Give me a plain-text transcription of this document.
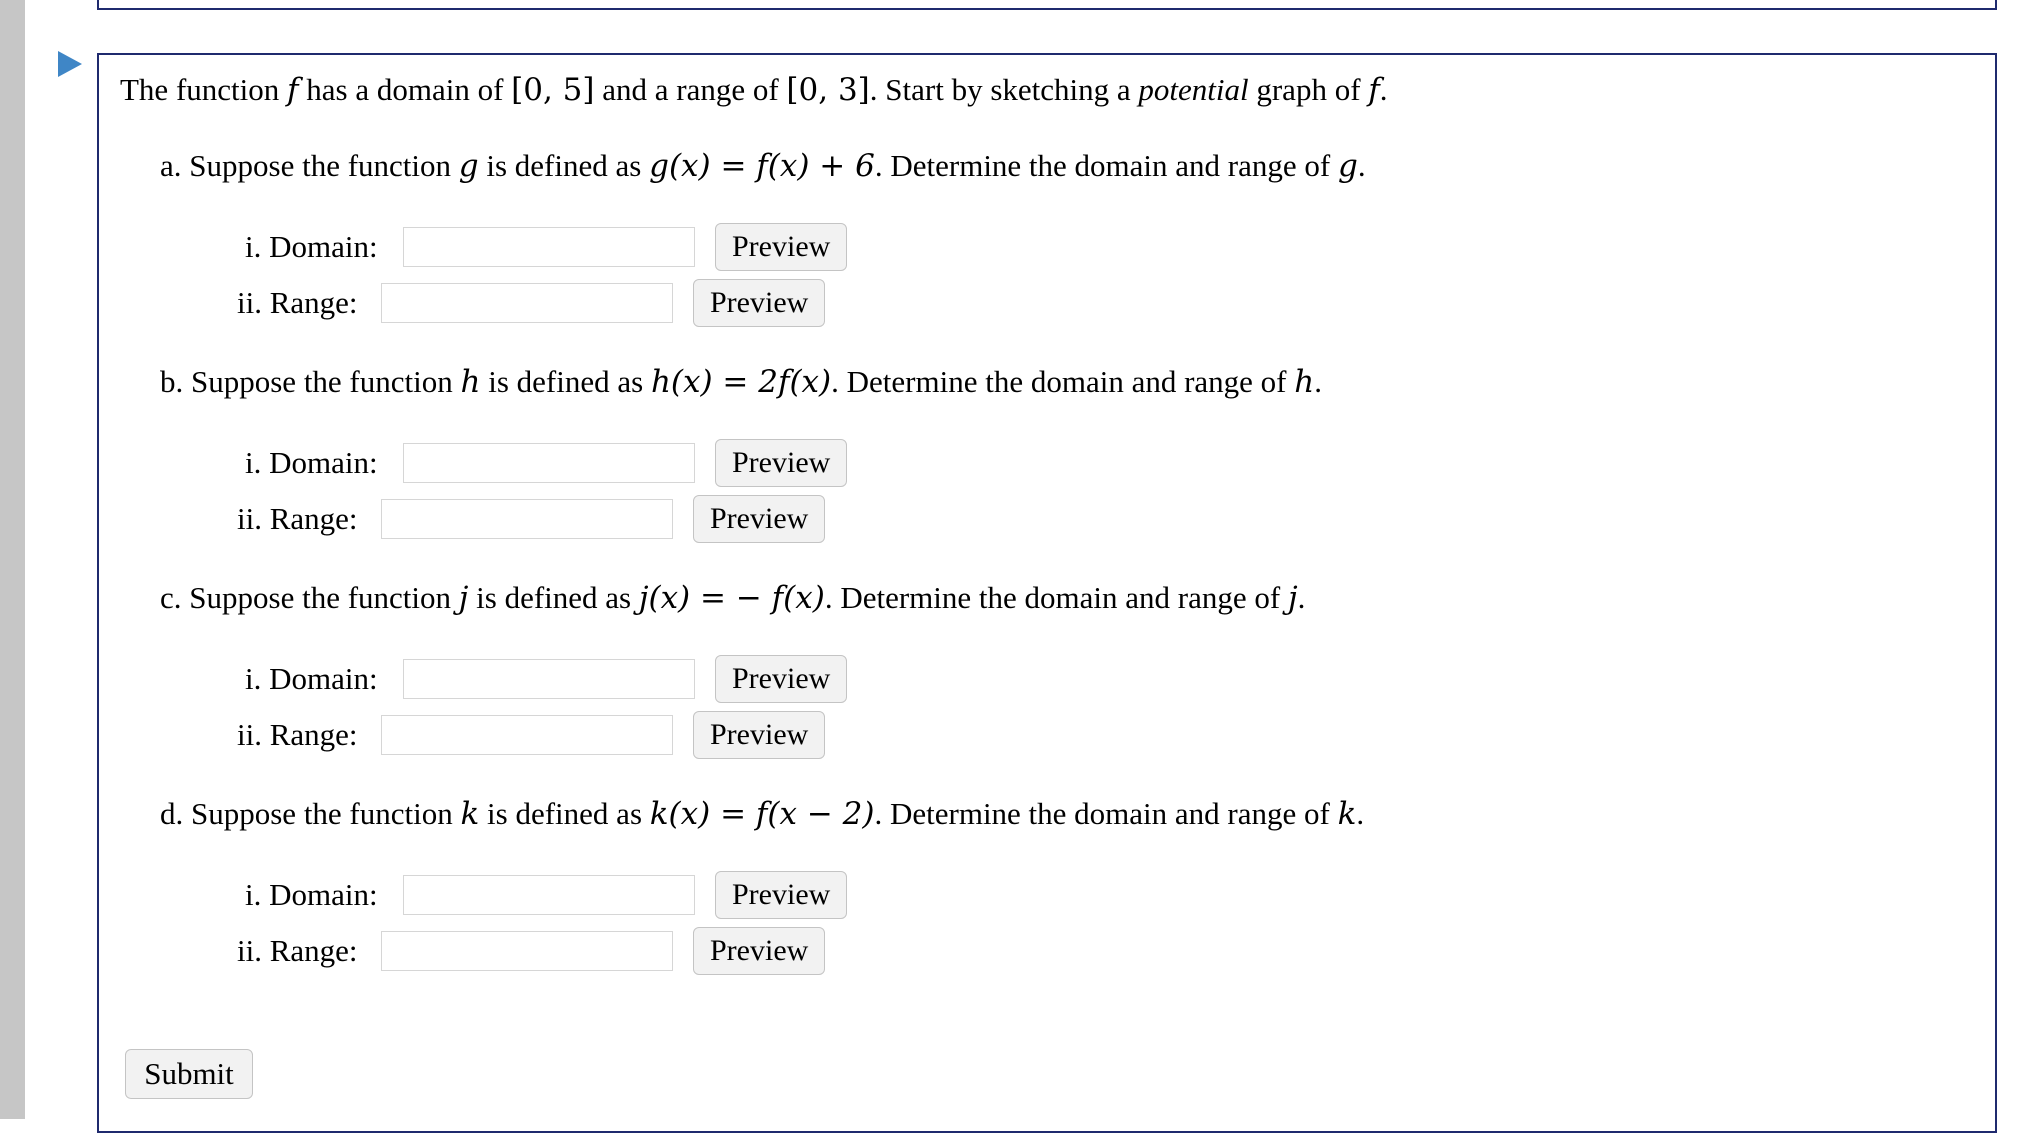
The function f has a domain of [0, 5] and a range of [0, 3]. Start by sketching a potential graph of f.
a. Suppose the function g is defined as g(x) = f(x) + 6. Determine the domain and range of g.
i. Domain:	Preview
ii. Range:	Preview
b. Suppose the function h is defined as h(x) = 2f(x). Determine the domain and range of h.
i. Domain:	Preview
ii. Range:	Preview
c. Suppose the function j is defined as j(x) = − f(x). Determine the domain and range of j.
i. Domain:	Preview
ii. Range:	Preview
d. Suppose the function k is defined as k(x) = f(x − 2). Determine the domain and range of k.
i. Domain:	Preview
ii. Range:	Preview
Submit
